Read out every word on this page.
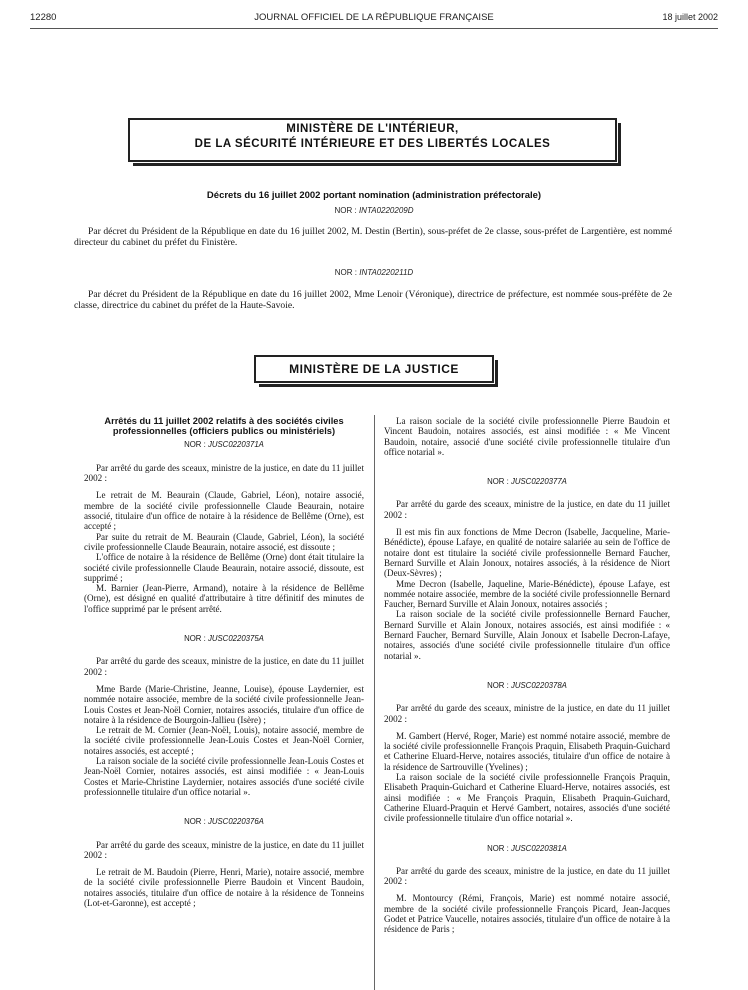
12280	JOURNAL OFFICIEL DE LA RÉPUBLIQUE FRANÇAISE	18 juillet 2002
MINISTÈRE DE L'INTÉRIEUR,
DE LA SÉCURITÉ INTÉRIEURE ET DES LIBERTÉS LOCALES
Décrets du 16 juillet 2002 portant nomination (administration préfectorale)
NOR : INTA0220209D

Par décret du Président de la République en date du 16 juillet 2002, M. Destin (Bertin), sous-préfet de 2e classe, sous-préfet de Largentière, est nommé directeur du cabinet du préfet du Finistère.

NOR : INTA0220211D

Par décret du Président de la République en date du 16 juillet 2002, Mme Lenoir (Véronique), directrice de préfecture, est nommée sous-préfète de 2e classe, directrice du cabinet du préfet de la Haute-Savoie.

MINISTÈRE DE LA JUSTICE
Arrêtés du 11 juillet 2002 relatifs à des sociétés civiles professionnelles (officiers publics ou ministériels)
NOR : JUSC0220371A

Par arrêté du garde des sceaux, ministre de la justice, en date du 11 juillet 2002 :

Le retrait de M. Beaurain (Claude, Gabriel, Léon), notaire associé, membre de la société civile professionnelle Claude Beaurain, notaire associé, titulaire d'un office de notaire à la résidence de Bellême (Orne), est accepté ;

Par suite du retrait de M. Beaurain (Claude, Gabriel, Léon), la société civile professionnelle Claude Beaurain, notaire associé, est dissoute ;

L'office de notaire à la résidence de Bellême (Orne) dont était titulaire la société civile professionnelle Claude Beaurain, notaire associé, dissoute, est supprimé ;

M. Barnier (Jean-Pierre, Armand), notaire à la résidence de Bellême (Orne), est désigné en qualité d'attributaire à titre définitif des minutes de l'office supprimé par le présent arrêté.

NOR : JUSC0220375A

Par arrêté du garde des sceaux, ministre de la justice, en date du 11 juillet 2002 :

Mme Barde (Marie-Christine, Jeanne, Louise), épouse Laydernier, est nommée notaire associée, membre de la société civile professionnelle Jean-Louis Costes et Jean-Noël Cornier, notaires associés, titulaire d'un office de notaire à la résidence de Bourgoin-Jallieu (Isère) ;

Le retrait de M. Cornier (Jean-Noël, Louis), notaire associé, membre de la société civile professionnelle Jean-Louis Costes et Jean-Noël Cornier, notaires associés, est accepté ;

La raison sociale de la société civile professionnelle Jean-Louis Costes et Jean-Noël Cornier, notaires associés, est ainsi modifiée : « Jean-Louis Costes et Marie-Christine Laydernier, notaires associés d'une société civile professionnelle titulaire d'un office notarial ».

NOR : JUSC0220376A

Par arrêté du garde des sceaux, ministre de la justice, en date du 11 juillet 2002 :

Le retrait de M. Baudoin (Pierre, Henri, Marie), notaire associé, membre de la société civile professionnelle Pierre Baudoin et Vincent Baudoin, notaires associés, titulaire d'un office de notaire à la résidence de Tonneins (Lot-et-Garonne), est accepté ;

La raison sociale de la société civile professionnelle Pierre Baudoin et Vincent Baudoin, notaires associés, est ainsi modifiée : « Me Vincent Baudoin, notaire, associé d'une société civile professionnelle titulaire d'un office notarial ».

NOR : JUSC0220377A

Par arrêté du garde des sceaux, ministre de la justice, en date du 11 juillet 2002 :

Il est mis fin aux fonctions de Mme Decron (Isabelle, Jacqueline, Marie-Bénédicte), épouse Lafaye, en qualité de notaire salariée au sein de l'office de notaire dont est titulaire la société civile professionnelle Bernard Faucher, Bernard Surville et Alain Jonoux, notaires associés, à la résidence de Niort (Deux-Sèvres) ;

Mme Decron (Isabelle, Jaqueline, Marie-Bénédicte), épouse Lafaye, est nommée notaire associée, membre de la société civile professionnelle Bernard Faucher, Bernard Surville et Alain Jonoux, notaires associés ;

La raison sociale de la société civile professionnelle Bernard Faucher, Bernard Surville et Alain Jonoux, notaires associés, est ainsi modifiée : « Bernard Faucher, Bernard Surville, Alain Jonoux et Isabelle Decron-Lafaye, notaires, associés d'une société civile professionnelle titulaire d'un office notarial ».

NOR : JUSC0220378A

Par arrêté du garde des sceaux, ministre de la justice, en date du 11 juillet 2002 :

M. Gambert (Hervé, Roger, Marie) est nommé notaire associé, membre de la société civile professionnelle François Praquin, Elisabeth Praquin-Guichard et Catherine Eluard-Herve, notaires associés, titulaire d'un office de notaire à la résidence de Sartrouville (Yvelines) ;

La raison sociale de la société civile professionnelle François Praquin, Elisabeth Praquin-Guichard et Catherine Eluard-Herve, notaires associés, est ainsi modifiée : « Me François Praquin, Elisabeth Praquin-Guichard, Catherine Eluard-Praquin et Hervé Gambert, notaires, associés d'une société civile professionnelle titulaire d'un office notarial ».

NOR : JUSC0220381A

Par arrêté du garde des sceaux, ministre de la justice, en date du 11 juillet 2002 :

M. Montourcy (Rémi, François, Marie) est nommé notaire associé, membre de la société civile professionnelle François Picard, Jean-Jacques Godet et Patrice Vaucelle, notaires associés, titulaire d'un office de notaire à la résidence de Paris ;
